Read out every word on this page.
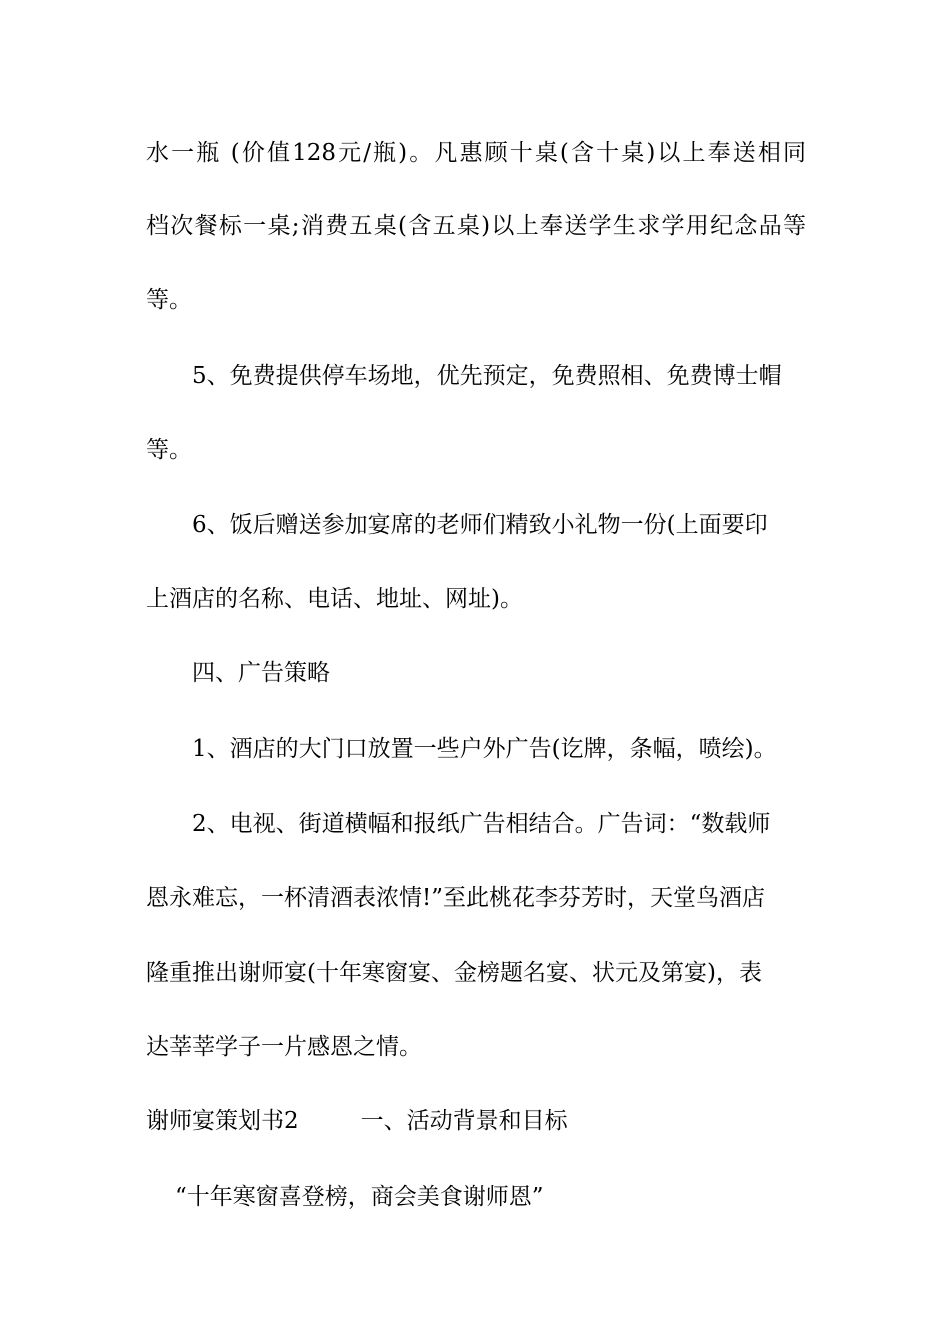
水一瓶 (价值128元/瓶)。凡惠顾十桌(含十桌)以上奉送相同
档次餐标一桌;消费五桌(含五桌)以上奉送学生求学用纪念品等
等。
5、免费提供停车场地，优先预定，免费照相、免费博士帽
等。
6、饭后赠送参加宴席的老师们精致小礼物一份(上面要印
上酒店的名称、电话、地址、网址)。
四、广告策略
1、酒店的大门口放置一些户外广告(讫牌，条幅，喷绘)。
2、电视、街道横幅和报纸广告相结合。广告词：“数载师
恩永难忘，一杯清酒表浓情!”至此桃花李芬芳时，天堂鸟酒店
隆重推出谢师宴(十年寒窗宴、金榜题名宴、状元及第宴)，表
达莘莘学子一片感恩之情。
谢师宴策划书2	一、活动背景和目标
“十年寒窗喜登榜，商会美食谢师恩”
